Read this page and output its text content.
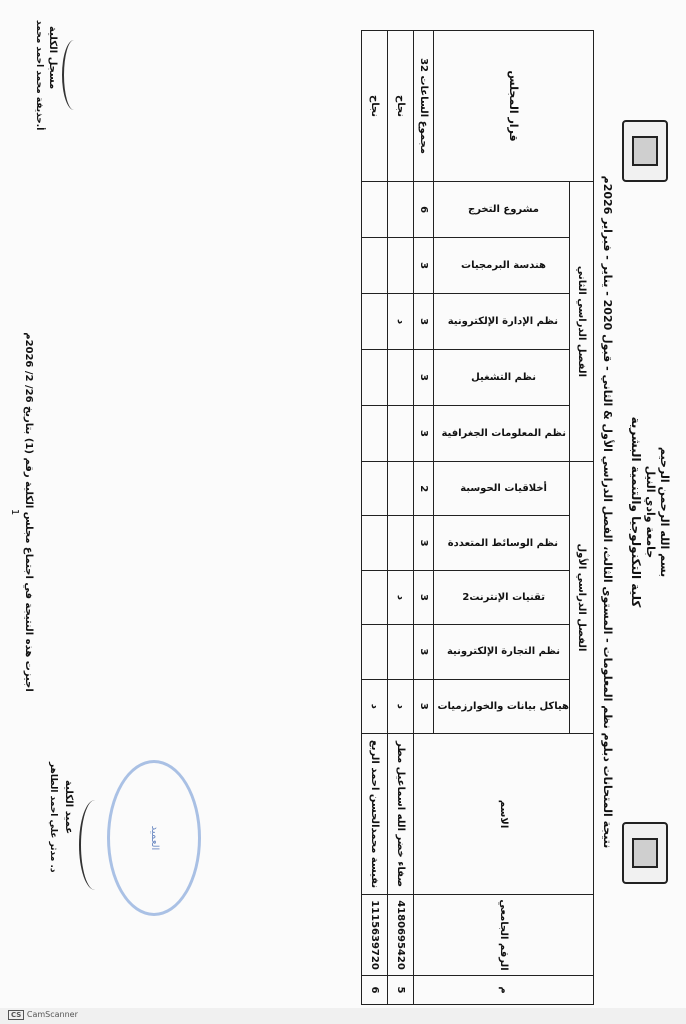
بسم الله الرحمن الرحيم
جامعة وادي النيل
كلية التكنولوجيا والتنمية البشرية
نتيجة المتحانات دبلوم نظم المعلومات - المستوى الثالث، الفصل الدراسي الأول & الثاني - قبول 2020 - يناير - فبراير 2026م
م	الرقم الجامعي	الاسم	الفصل الدراسي الأول					الفصل الدراسي الثاني					قرار المجلس
			هياكل بيانات والخوارزميات	نظم التجارة الإلكترونية	تقنيات الإنترنت2	نظم الوسائط المتعددة	أخلاقيات الحوسبة	نظم المعلومات الجغرافية	نظم التشغيل	نظم الإدارة الإلكترونية	هندسة البرمجيات	مشروع التخرج	
			3	3	3	3	2	3	3	3	3	6	مجموع الساعات 32
5	4180695420	صفاء خضر الله اسماعيل مطر	د		د					د			نجاح
6	1115639720	نفيسة محمدالحسن احمد الربع	د										نجاح
العميد
عميد الكلية
د. مدثر علي احمد الطاهر
مسجل الكلية
أ.حذيفة محمد احمد محمد
اجيزت هذه النتيجة في اجتماع مجلس الكلية رقم (1) بتاريخ 26/ 2/ 2026م
1
CS CamScanner
